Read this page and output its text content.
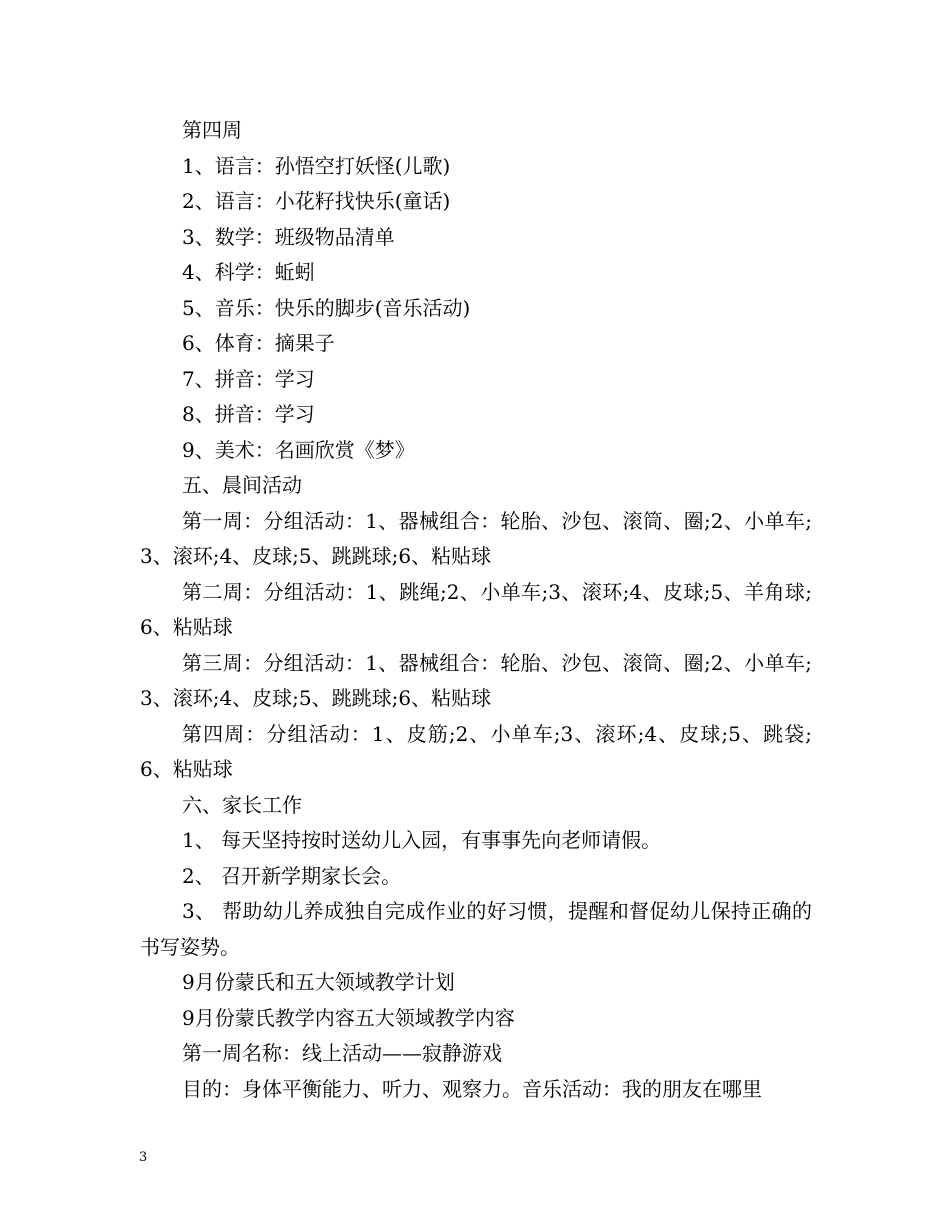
第四周

1、语言：孙悟空打妖怪(儿歌)

2、语言：小花籽找快乐(童话)

3、数学：班级物品清单

4、科学：蚯蚓

5、音乐：快乐的脚步(音乐活动)

6、体育：摘果子

7、拼音：学习

8、拼音：学习

9、美术：名画欣赏《梦》

五、晨间活动

第一周：分组活动：1、器械组合：轮胎、沙包、滚筒、圈;2、小单车;3、滚环;4、皮球;5、跳跳球;6、粘贴球

第二周：分组活动：1、跳绳;2、小单车;3、滚环;4、皮球;5、羊角球;6、粘贴球

第三周：分组活动：1、器械组合：轮胎、沙包、滚筒、圈;2、小单车;3、滚环;4、皮球;5、跳跳球;6、粘贴球

第四周：分组活动：1、皮筋;2、小单车;3、滚环;4、皮球;5、跳袋;6、粘贴球

六、家长工作

1、 每天坚持按时送幼儿入园，有事事先向老师请假。

2、 召开新学期家长会。

3、 帮助幼儿养成独自完成作业的好习惯，提醒和督促幼儿保持正确的书写姿势。

9月份蒙氏和五大领域教学计划

9月份蒙氏教学内容五大领域教学内容

第一周名称：线上活动——寂静游戏

目的：身体平衡能力、听力、观察力。音乐活动：我的朋友在哪里

3
